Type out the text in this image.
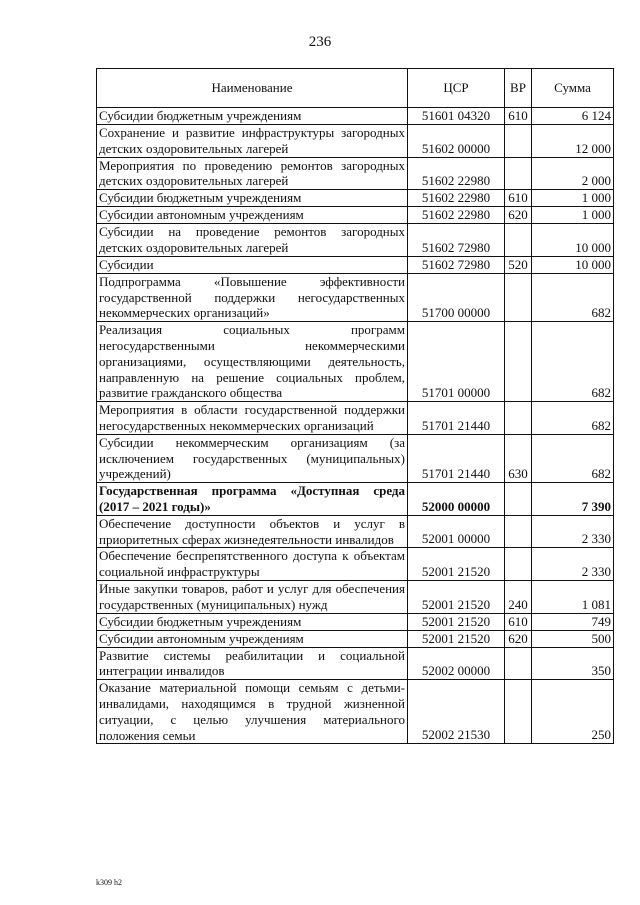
236
Наименование	ЦСР	ВР	Сумма
Субсидии бюджетным учреждениям	51601 04320	610	6 124
Сохранение и развитие инфраструктуры загородных детских оздоровительных лагерей	51602 00000		12 000
Мероприятия по проведению ремонтов загородных детских оздоровительных лагерей	51602 22980		2 000
Субсидии бюджетным учреждениям	51602 22980	610	1 000
Субсидии автономным учреждениям	51602 22980	620	1 000
Субсидии на проведение ремонтов загородных детских оздоровительных лагерей	51602 72980		10 000
Субсидии	51602 72980	520	10 000
Подпрограмма «Повышение эффективности государственной поддержки негосударственных некоммерческих организаций»	51700 00000		682
Реализация социальных программ негосударственными некоммерческими организациями, осуществляющими деятельность, направленную на решение социальных проблем, развитие гражданского общества	51701 00000		682
Мероприятия в области государственной поддержки негосударственных некоммерческих организаций	51701 21440		682
Субсидии некоммерческим организациям (за исключением государственных (муниципальных) учреждений)	51701 21440	630	682
Государственная программа «Доступная среда (2017 – 2021 годы)»	52000 00000		7 390
Обеспечение доступности объектов и услуг в приоритетных сферах жизнедеятельности инвалидов	52001 00000		2 330
Обеспечение беспрепятственного доступа к объектам социальной инфраструктуры	52001 21520		2 330
Иные закупки товаров, работ и услуг для обеспечения государственных (муниципальных) нужд	52001 21520	240	1 081
Субсидии бюджетным учреждениям	52001 21520	610	749
Субсидии автономным учреждениям	52001 21520	620	500
Развитие системы реабилитации и социальной интеграции инвалидов	52002 00000		350
Оказание материальной помощи семьям с детьми-инвалидами, находящимся в трудной жизненной ситуации, с целью улучшения материального положения семьи	52002 21530		250
k309 h2
